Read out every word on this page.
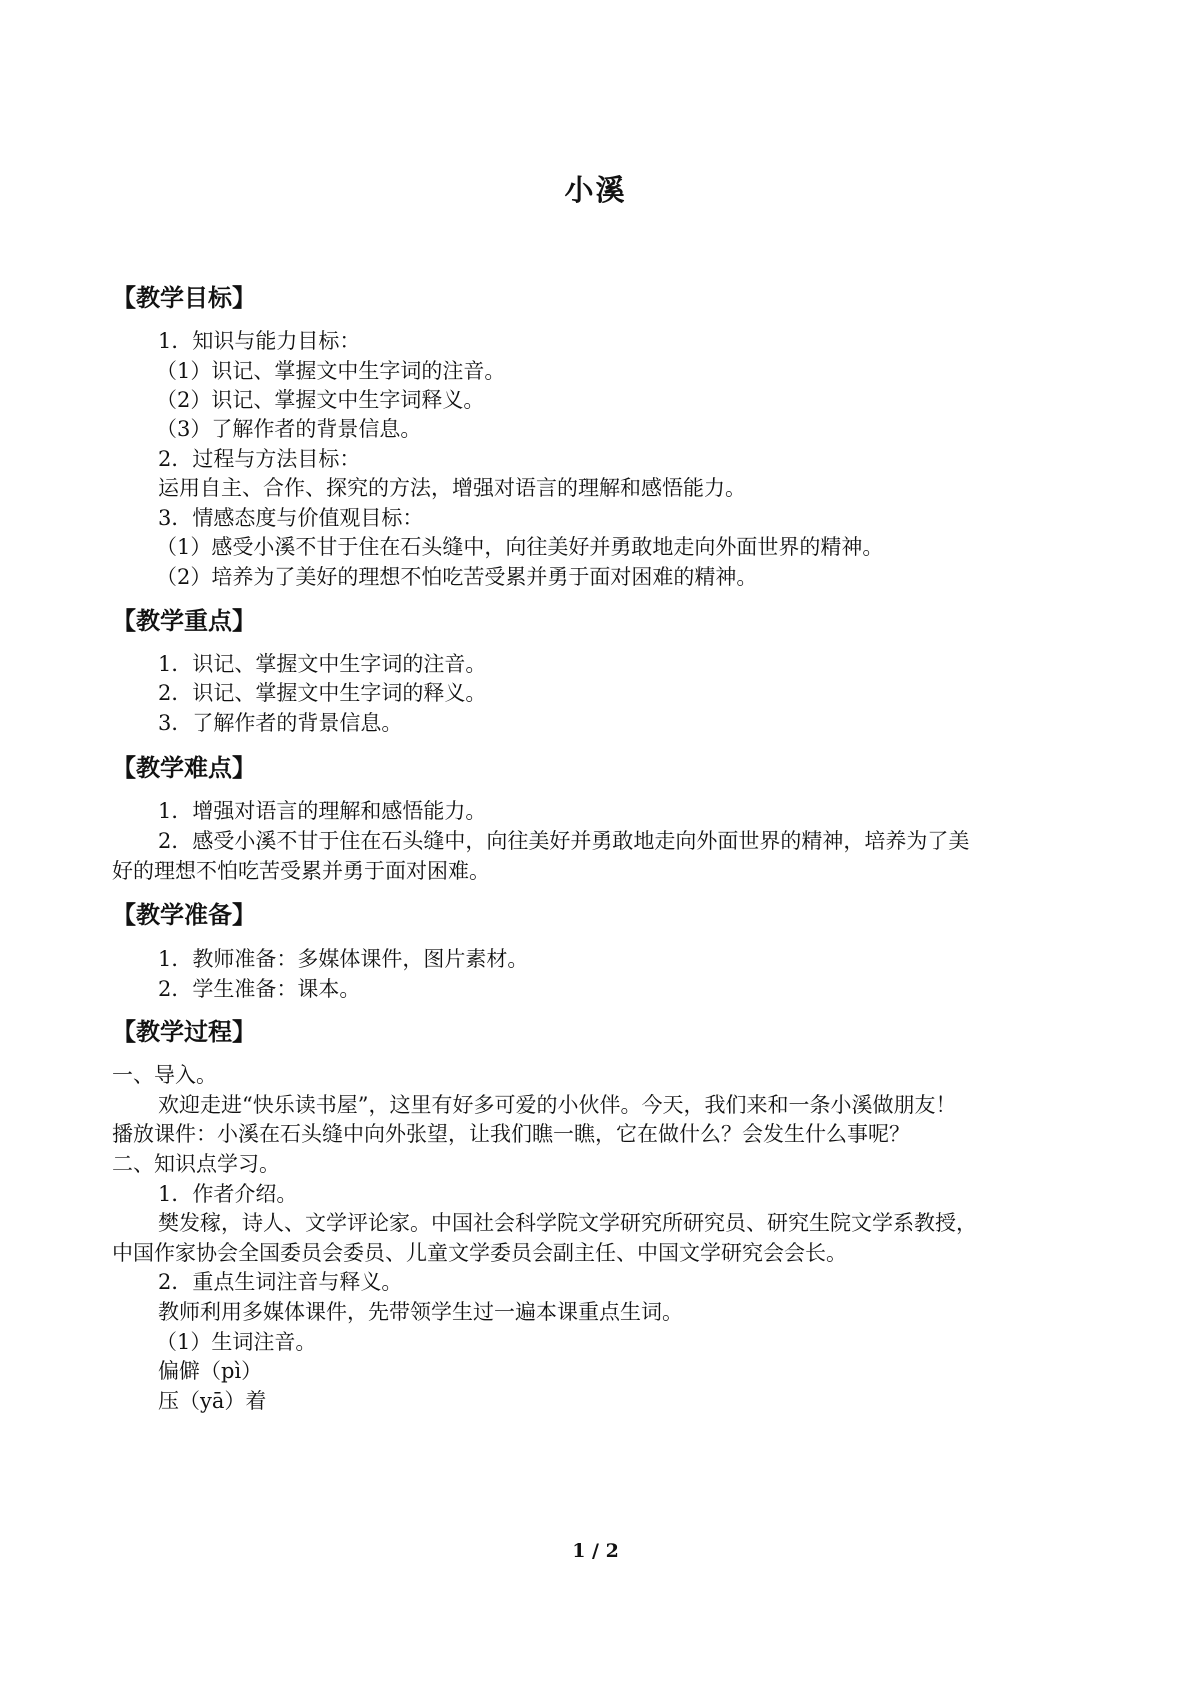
小溪
【教学目标】
1．知识与能力目标：
（1）识记、掌握文中生字词的注音。
（2）识记、掌握文中生字词释义。
（3）了解作者的背景信息。
2．过程与方法目标：
运用自主、合作、探究的方法，增强对语言的理解和感悟能力。
3．情感态度与价值观目标：
（1）感受小溪不甘于住在石头缝中，向往美好并勇敢地走向外面世界的精神。
（2）培养为了美好的理想不怕吃苦受累并勇于面对困难的精神。
【教学重点】
1．识记、掌握文中生字词的注音。
2．识记、掌握文中生字词的释义。
3．了解作者的背景信息。
【教学难点】
1．增强对语言的理解和感悟能力。
2．感受小溪不甘于住在石头缝中，向往美好并勇敢地走向外面世界的精神，培养为了美
好的理想不怕吃苦受累并勇于面对困难。
【教学准备】
1．教师准备：多媒体课件，图片素材。
2．学生准备：课本。
【教学过程】
一、导入。
欢迎走进“快乐读书屋”，这里有好多可爱的小伙伴。今天，我们来和一条小溪做朋友！
播放课件：小溪在石头缝中向外张望，让我们瞧一瞧，它在做什么？会发生什么事呢？
二、知识点学习。
1．作者介绍。
樊发稼，诗人、文学评论家。中国社会科学院文学研究所研究员、研究生院文学系教授，
中国作家协会全国委员会委员、儿童文学委员会副主任、中国文学研究会会长。
2．重点生词注音与释义。
教师利用多媒体课件，先带领学生过一遍本课重点生词。
（1）生词注音。
偏僻（pì）
压（yā）着
1 / 2
